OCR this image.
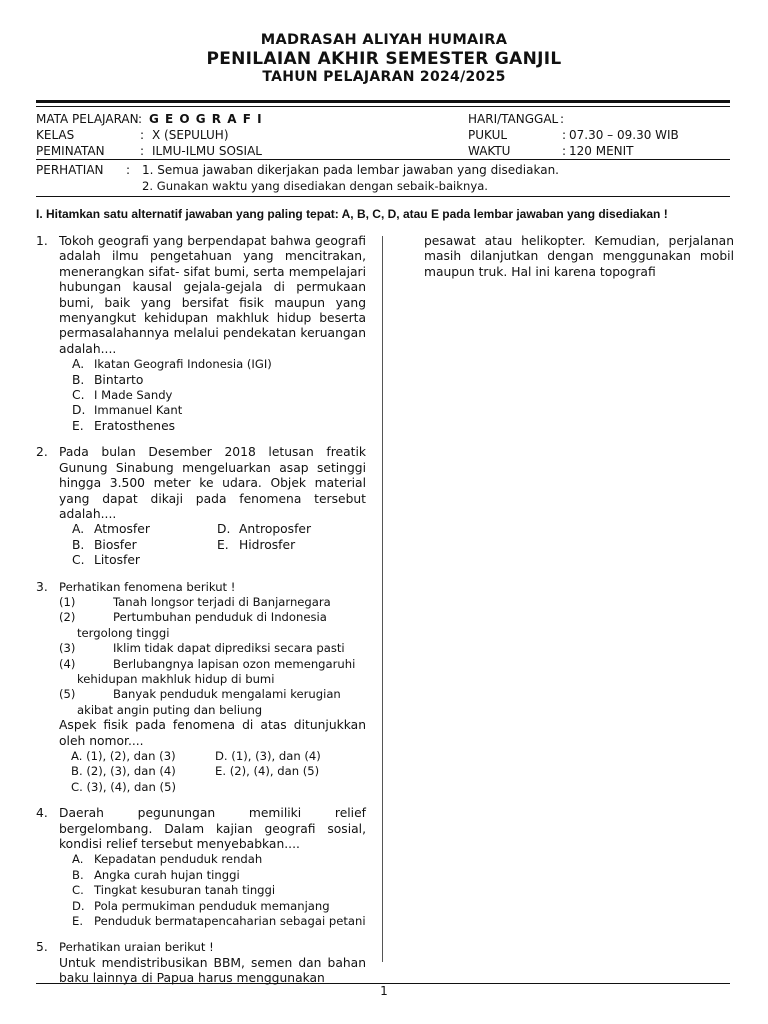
MADRASAH ALIYAH HUMAIRA
PENILAIAN AKHIR SEMESTER GANJIL
TAHUN PELAJARAN 2024/2025
MATA PELAJARAN : G E O G R A F I
KELAS	: X (SEPULUH)
PEMINATAN	: ILMU-ILMU SOSIAL
HARI/TANGGAL :
PUKUL	: 07.30 – 09.30 WIB
WAKTU	: 120 MENIT
PERHATIAN : 1. Semua jawaban dikerjakan pada lembar jawaban yang disediakan.
2. Gunakan waktu yang disediakan dengan sebaik-baiknya.
I. Hitamkan satu alternatif jawaban yang paling tepat: A, B, C, D, atau E pada lembar jawaban yang disediakan !
1. Tokoh geografi yang berpendapat bahwa geografi adalah ilmu pengetahuan yang mencitrakan, menerangkan sifat- sifat bumi, serta mempelajari hubungan kausal gejala-gejala di permukaan bumi, baik yang bersifat fisik maupun yang menyangkut kehidupan makhluk hidup beserta permasalahannya melalui pendekatan keruangan adalah....
A. Ikatan Geografi Indonesia (IGI)
B. Bintarto
C. I Made Sandy
D. Immanuel Kant
E. Eratosthenes
2. Pada bulan Desember 2018 letusan freatik Gunung Sinabung mengeluarkan asap setinggi hingga 3.500 meter ke udara. Objek material yang dapat dikaji pada fenomena tersebut adalah....
A. Atmosfer	D. Antroposfer
B. Biosfer	E. Hidrosfer
C. Litosfer
3. Perhatikan fenomena berikut !
(1)	Tanah longsor terjadi di Banjarnegara
(2)	Pertumbuhan penduduk di Indonesia
tergolong tinggi
(3)	Iklim tidak dapat diprediksi secara pasti
(4)	Berlubangnya lapisan ozon memengaruhi
kehidupan makhluk hidup di bumi
(5)	Banyak penduduk mengalami kerugian
akibat angin puting dan beliung
Aspek fisik pada fenomena di atas ditunjukkan oleh nomor....
A. (1), (2), dan (3)	D. (1), (3), dan (4)
B. (2), (3), dan (4)	E. (2), (4), dan (5)
C. (3), (4), dan (5)
4. Daerah pegunungan memiliki relief bergelombang. Dalam kajian geografi sosial, kondisi relief tersebut menyebabkan....
A. Kepadatan penduduk rendah
B. Angka curah hujan tinggi
C. Tingkat kesuburan tanah tinggi
D. Pola permukiman penduduk memanjang
E. Penduduk bermatapencaharian sebagai petani
5. Perhatikan uraian berikut !
Untuk mendistribusikan BBM, semen dan bahan baku lainnya di Papua harus menggunakan
pesawat atau helikopter. Kemudian, perjalanan masih dilanjutkan dengan menggunakan mobil maupun truk. Hal ini karena topografi
1
